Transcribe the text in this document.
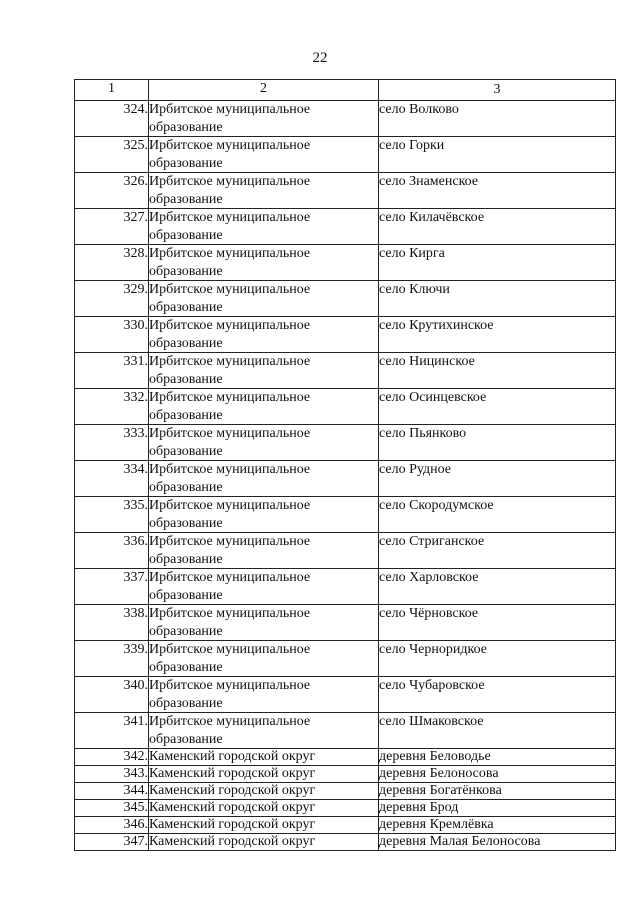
22
1	2	3
324.	Ирбитское муниципальное образование	село Волково
325.	Ирбитское муниципальное образование	село Горки
326.	Ирбитское муниципальное образование	село Знаменское
327.	Ирбитское муниципальное образование	село Килачёвское
328.	Ирбитское муниципальное образование	село Кирга
329.	Ирбитское муниципальное образование	село Ключи
330.	Ирбитское муниципальное образование	село Крутихинское
331.	Ирбитское муниципальное образование	село Ницинское
332.	Ирбитское муниципальное образование	село Осинцевское
333.	Ирбитское муниципальное образование	село Пьянково
334.	Ирбитское муниципальное образование	село Рудное
335.	Ирбитское муниципальное образование	село Скородумское
336.	Ирбитское муниципальное образование	село Стриганское
337.	Ирбитское муниципальное образование	село Харловское
338.	Ирбитское муниципальное образование	село Чёрновское
339.	Ирбитское муниципальное образование	село Черноридкое
340.	Ирбитское муниципальное образование	село Чубаровское
341.	Ирбитское муниципальное образование	село Шмаковское
342.	Каменский городской округ	деревня Беловодье
343.	Каменский городской округ	деревня Белоносова
344.	Каменский городской округ	деревня Богатёнкова
345.	Каменский городской округ	деревня Брод
346.	Каменский городской округ	деревня Кремлёвка
347.	Каменский городской округ	деревня Малая Белоносова
